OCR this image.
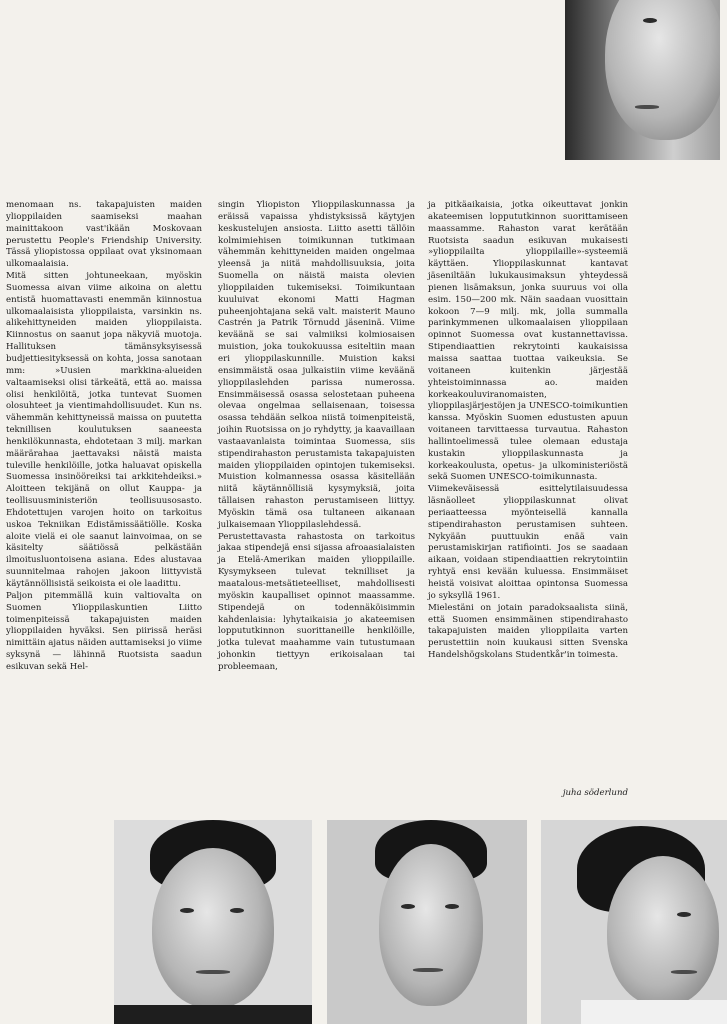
menomaan ns. takapajuisten maiden ylioppilaiden saamiseksi maahan mainittakoon vast'ikään Moskovaan perustettu People's Friendship University. Tässä yliopistossa oppilaat ovat yksinomaan ulkomaalaisia.

Mitä sitten johtuneekaan, myöskin Suomessa aivan viime aikoina on alettu entistä huomattavasti enemmän kiinnostua ulkomaalaisista ylioppilaista, varsinkin ns. alikehittyneiden maiden ylioppilaista. Kiinnostus on saanut jopa näkyviä muotoja. Hallituksen tämänsyksyisessä budjettiesityksessä on kohta, jossa sanotaan mm: »Uusien markkina-alueiden valtaamiseksi olisi tärkeätä, että ao. maissa olisi henkilöitä, jotka tuntevat Suomen olosuhteet ja vientimahdollisuudet. Kun ns. vähemmän kehittyneissä maissa on puutetta teknillisen koulutuksen saaneesta henkilökunnasta, ehdotetaan 3 milj. markan määrärahaa jaettavaksi näistä maista tuleville henkilöille, jotka haluavat opiskella Suomessa insinööreiksi tai arkkitehdeiksi.» Aloitteen tekijänä on ollut Kauppa- ja teollisuusministeriön teollisuusosasto. Ehdotettujen varojen hoito on tarkoitus uskoa Tekniikan Edistämissäätiölle. Koska aloite vielä ei ole saanut lainvoimaa, on se käsitelty säätiössä pelkästään ilmoitusluontoisena asiana. Edes alustavaa suunnitelmaa rahojen jakoon liittyvistä käytännöllisistä seikoista ei ole laadittu.

Paljon pitemmällä kuin valtiovalta on Suomen Ylioppilaskuntien Liitto toimenpiteissä takapajuisten maiden ylioppilaiden hyväksi. Sen piirissä heräsi nimittäin ajatus näiden auttamiseksi jo viime syksynä — lähinnä Ruotsista saadun esikuvan sekä Hel-

singin Yliopiston Ylioppilaskunnassa ja eräissä vapaissa yhdistyksissä käytyjen keskustelujen ansiosta. Liitto asetti tällöin kolmimiehisen toimikunnan tutkimaan vähemmän kehittyneiden maiden ongelmaa yleensä ja niitä mahdollisuuksia, joita Suomella on näistä maista olevien ylioppilaiden tukemiseksi. Toimikuntaan kuuluivat ekonomi Matti Hagman puheenjohtajana sekä valt. maisterit Mauno Castrén ja Patrik Törnudd jäseninä. Viime keväänä se sai valmiiksi kolmiosaisen muistion, joka toukokuussa esiteltiin maan eri ylioppilaskunnille. Muistion kaksi ensimmäistä osaa julkaistiin viime keväänä ylioppilaslehden parissa numerossa. Ensimmäisessä osassa selostetaan puheena olevaa ongelmaa sellaisenaan, toisessa osassa tehdään selkoa niistä toimenpiteistä, joihin Ruotsissa on jo ryhdytty, ja kaavaillaan vastaavanlaista toimintaa Suomessa, siis stipendirahaston perustamista takapajuisten maiden ylioppilaiden opintojen tukemiseksi. Muistion kolmannessa osassa käsitellään niitä käytännöllisiä kysymyksiä, joita tällaisen rahaston perustamiseen liittyy. Myöskin tämä osa tultaneen aikanaan julkaisemaan Ylioppilaslehdessä.

Perustettavasta rahastosta on tarkoitus jakaa stipendejä ensi sijassa afroaasialaisten ja Etelä-Amerikan maiden ylioppilaille. Kysymykseen tulevat teknilliset ja maatalous-metsätieteelliset, mahdollisesti myöskin kaupalliset opinnot maassamme. Stipendejä on todennäköisimmin kahdenlaisia: lyhytaikaisia jo akateemisen loppututkinnon suorittaneille henkilöille, jotka tulevat maahamme vain tutustumaan johonkin tiettyyn erikoisalaan tai probleemaan,

ja pitkäaikaisia, jotka oikeuttavat jonkin akateemisen loppututkinnon suorittamiseen maassamme. Rahaston varat kerätään Ruotsista saadun esikuvan mukaisesti »ylioppilailta ylioppilaille»-systeemiä käyttäen. Ylioppilaskunnat kantavat jäseniltään lukukausimaksun yhteydessä pienen lisämaksun, jonka suuruus voi olla esim. 150—200 mk. Näin saadaan vuosittain kokoon 7—9 milj. mk, jolla summalla parinkymmenen ulkomaalaisen ylioppilaan opinnot Suomessa ovat kustannettavissa. Stipendiaattien rekrytointi kaukaisissa maissa saattaa tuottaa vaikeuksia. Se voitaneen kuitenkin järjestää yhteistoiminnassa ao. maiden korkeakouluviranomaisten, ylioppilasjärjestöjen ja UNESCO-toimikuntien kanssa. Myöskin Suomen edustusten apuun voitaneen tarvittaessa turvautua. Rahaston hallintoelimessä tulee olemaan edustaja kustakin ylioppilaskunnasta ja korkeakoulusta, opetus- ja ulkoministeriöstä sekä Suomen UNESCO-toimikunnasta.

Viimekeväisessä esittelytilaisuudessa läsnäolleet ylioppilaskunnat olivat periaatteessa myönteisellä kannalla stipendirahaston perustamisen suhteen. Nykyään puuttuukin enää vain perustamiskirjan ratifiointi. Jos se saadaan aikaan, voidaan stipendiaattien rekrytointiin ryhtyä ensi kevään kuluessa. Ensimmäiset heistä voisivat aloittaa opintonsa Suomessa jo syksyllä 1961.

Mielestäni on jotain paradoksaalista siinä, että Suomen ensimmäinen stipendirahasto takapajuisten maiden ylioppilaita varten perustettiin noin kuukausi sitten Svenska Handelshögskolans Studentkår'in toimesta.

juha söderlund
